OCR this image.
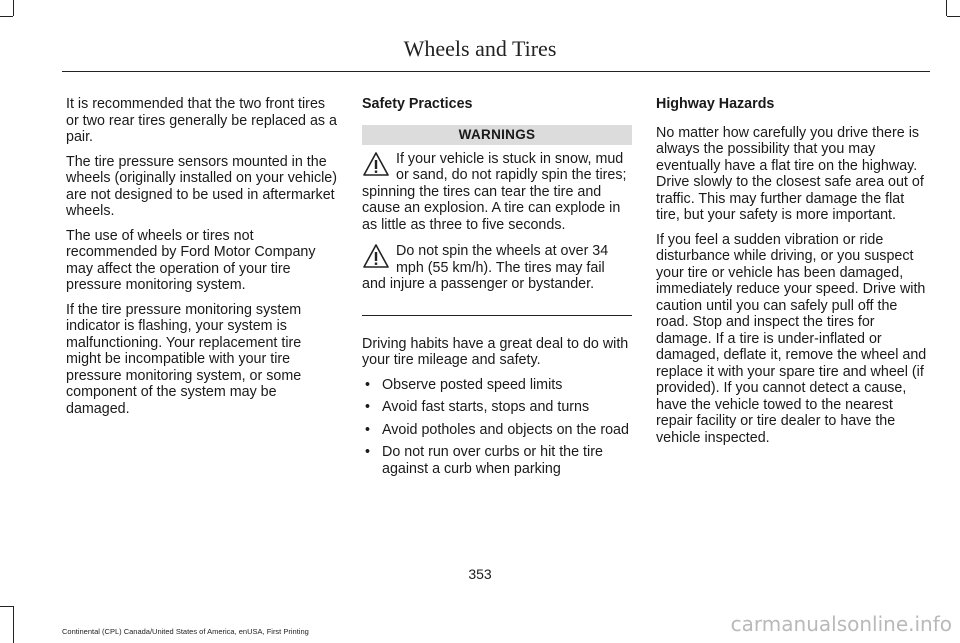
Wheels and Tires

It is recommended that the two front tires or two rear tires generally be replaced as a pair.

The tire pressure sensors mounted in the wheels (originally installed on your vehicle) are not designed to be used in aftermarket wheels.

The use of wheels or tires not recommended by Ford Motor Company may affect the operation of your tire pressure monitoring system.

If the tire pressure monitoring system indicator is flashing, your system is malfunctioning. Your replacement tire might be incompatible with your tire pressure monitoring system, or some component of the system may be damaged.

Safety Practices

WARNINGS
If your vehicle is stuck in snow, mud or sand, do not rapidly spin the tires; spinning the tires can tear the tire and cause an explosion. A tire can explode in as little as three to five seconds.
Do not spin the wheels at over 34 mph (55 km/h). The tires may fail and injure a passenger or bystander.

Driving habits have a great deal to do with your tire mileage and safety.

• Observe posted speed limits
• Avoid fast starts, stops and turns
• Avoid potholes and objects on the road
• Do not run over curbs or hit the tire against a curb when parking

Highway Hazards

No matter how carefully you drive there is always the possibility that you may eventually have a flat tire on the highway. Drive slowly to the closest safe area out of traffic. This may further damage the flat tire, but your safety is more important.

If you feel a sudden vibration or ride disturbance while driving, or you suspect your tire or vehicle has been damaged, immediately reduce your speed. Drive with caution until you can safely pull off the road. Stop and inspect the tires for damage. If a tire is under-inflated or damaged, deflate it, remove the wheel and replace it with your spare tire and wheel (if provided). If you cannot detect a cause, have the vehicle towed to the nearest repair facility or tire dealer to have the vehicle inspected.

353
Continental (CPL) Canada/United States of America, enUSA, First Printing	carmanualsonline.info
